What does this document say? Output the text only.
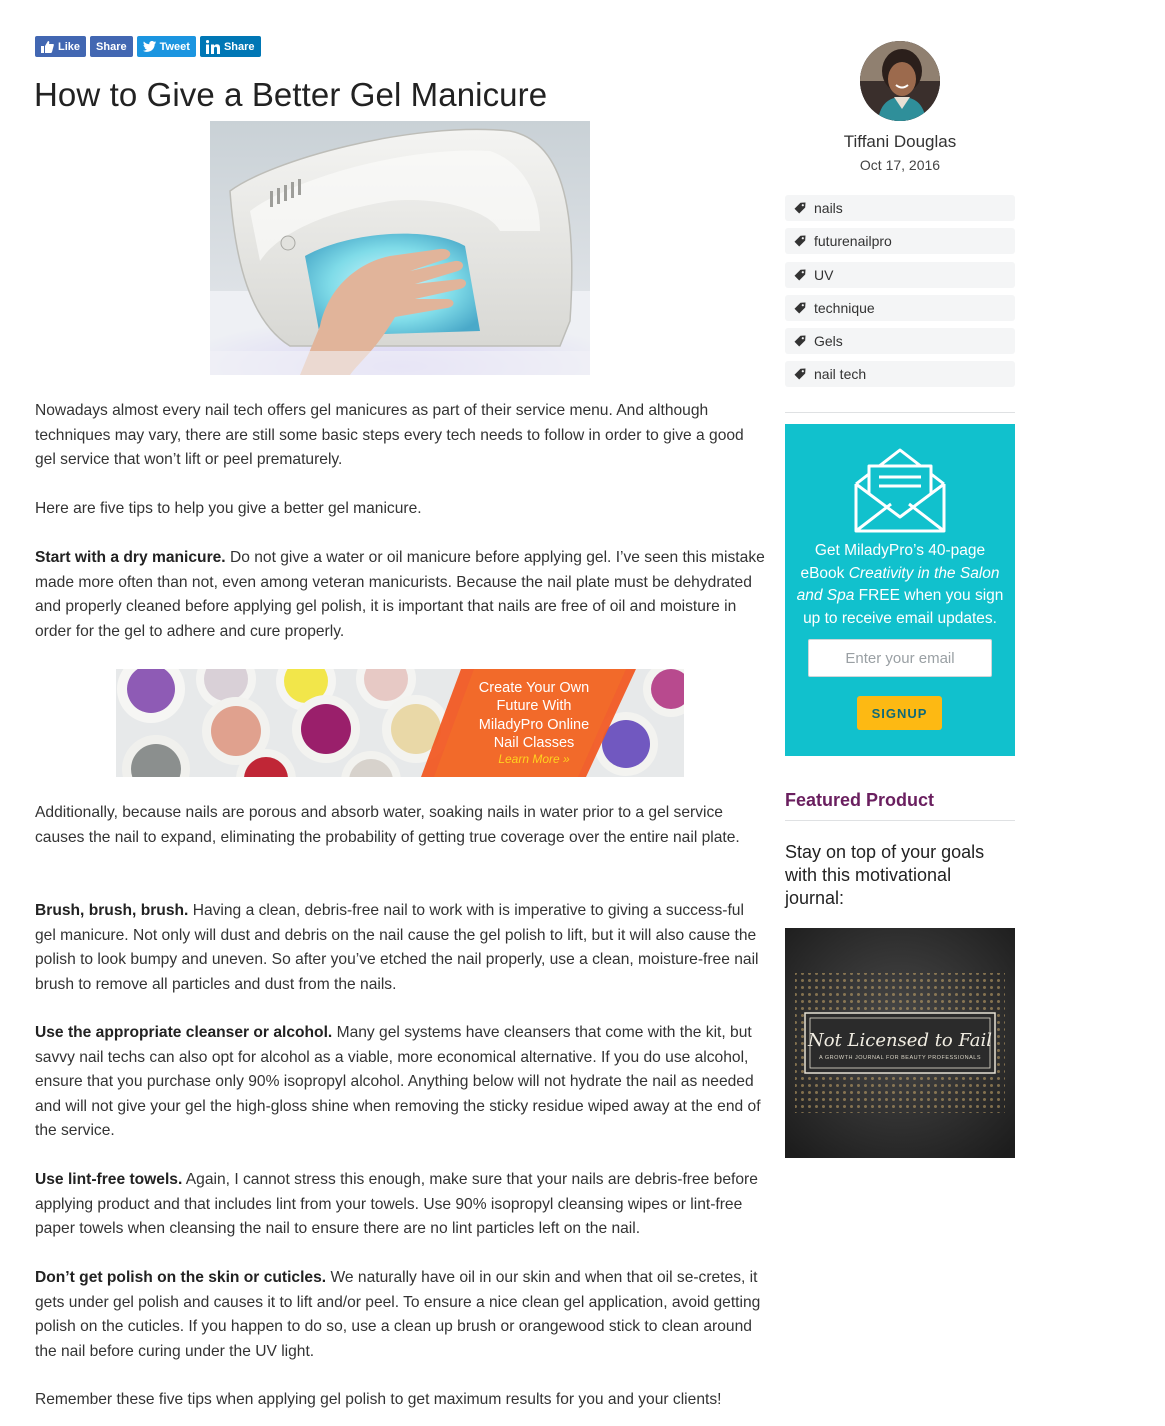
Like Share	Tweet	Share
How to Give a Better Gel Manicure

Nowadays almost every nail tech offers gel manicures as part of their service menu. And although techniques may vary, there are still some basic steps every tech needs to follow in order to give a good gel service that won’t lift or peel prematurely.

Here are five tips to help you give a better gel manicure.

Start with a dry manicure. Do not give a water or oil manicure before applying gel. I’ve seen this mistake made more often than not, even among veteran manicurists. Because the nail plate must be dehydrated and properly cleaned before applying gel polish, it is important that nails are free of oil and moisture in order for the gel to adhere and cure properly.

Create Your Own
Future With
MiladyPro Online
Nail Classes
Learn More »

Additionally, because nails are porous and absorb water, soaking nails in water prior to a gel service causes the nail to expand, eliminating the probability of getting true coverage over the entire nail plate.

Brush, brush, brush. Having a clean, debris-free nail to work with is imperative to giving a success-ful gel manicure. Not only will dust and debris on the nail cause the gel polish to lift, but it will also cause the polish to look bumpy and uneven. So after you’ve etched the nail properly, use a clean, moisture-free nail brush to remove all particles and dust from the nails.

Use the appropriate cleanser or alcohol. Many gel systems have cleansers that come with the kit, but savvy nail techs can also opt for alcohol as a viable, more economical alternative. If you do use alcohol, ensure that you purchase only 90% isopropyl alcohol. Anything below will not hydrate the nail as needed and will not give your gel the high-gloss shine when removing the sticky residue wiped away at the end of the service.

Use lint-free towels. Again, I cannot stress this enough, make sure that your nails are debris-free before applying product and that includes lint from your towels. Use 90% isopropyl cleansing wipes or lint-free paper towels when cleansing the nail to ensure there are no lint particles left on the nail.

Don’t get polish on the skin or cuticles. We naturally have oil in our skin and when that oil se-cretes, it gets under gel polish and causes it to lift and/or peel. To ensure a nice clean gel application, avoid getting polish on the cuticles. If you happen to do so, use a clean up brush or orangewood stick to clean around the nail before curing under the UV light.

Remember these five tips when applying gel polish to get maximum results for you and your clients!

Tiffani Douglas
Oct 17, 2016
nails
futurenailpro
UV
technique
Gels
nail tech
Get MiladyPro’s 40-page eBook Creativity in the Salon and Spa FREE when you sign up to receive email updates.
Enter your email
SIGNUP
Featured Product
Stay on top of your goals with this motivational journal:
Not Licensed to Fail
A GROWTH JOURNAL FOR BEAUTY PROFESSIONALS
